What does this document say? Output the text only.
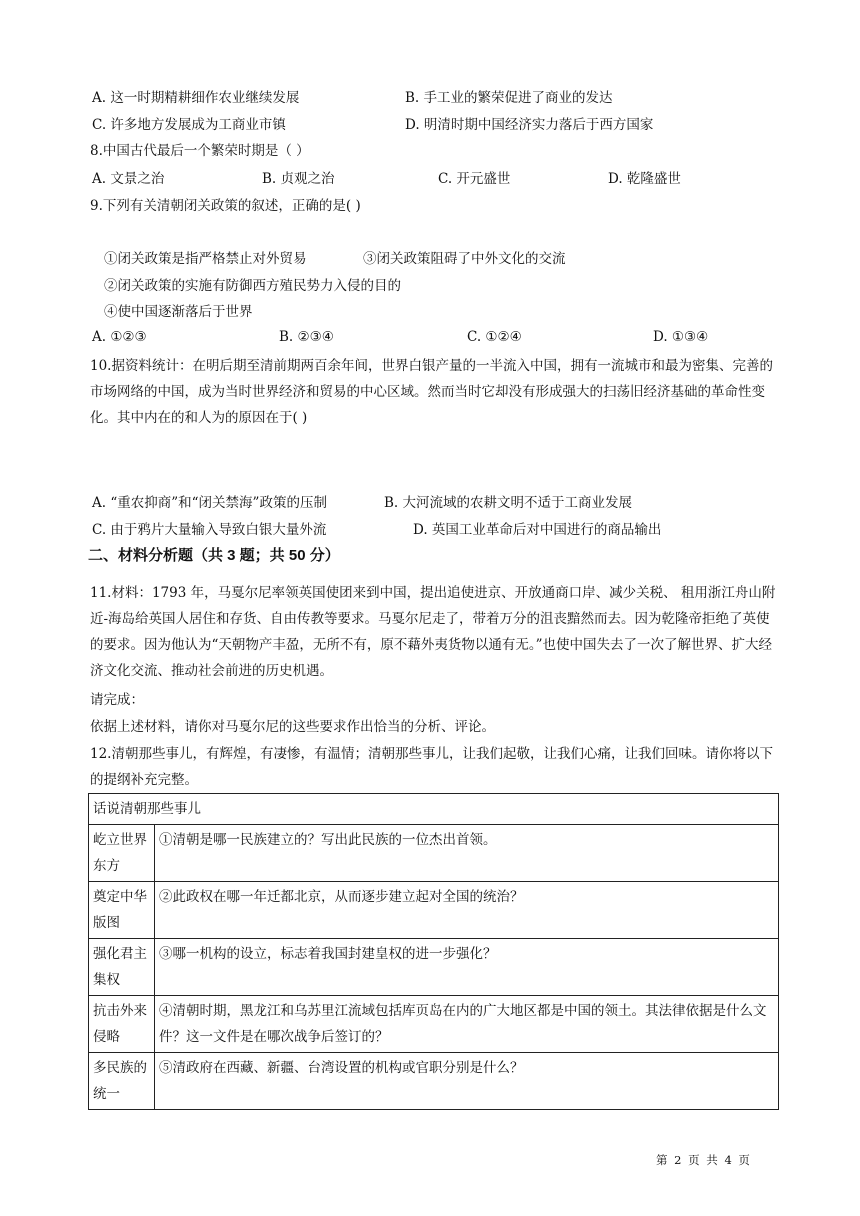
A. 这一时期精耕细作农业继续发展	B. 手工业的繁荣促进了商业的发达
C. 许多地方发展成为工商业市镇	D. 明清时期中国经济实力落后于西方国家
8.中国古代最后一个繁荣时期是（ ）
A. 文景之治	B. 贞观之治	C. 开元盛世	D. 乾隆盛世
9.下列有关清朝闭关政策的叙述，正确的是( )
①闭关政策是指严格禁止对外贸易	③闭关政策阻碍了中外文化的交流
②闭关政策的实施有防御西方殖民势力入侵的目的
④使中国逐渐落后于世界
A. ①②③	B. ②③④	C. ①②④	D. ①③④
10.据资料统计：在明后期至清前期两百余年间，世界白银产量的一半流入中国，拥有一流城市和最为密集、完善的市场网络的中国，成为当时世界经济和贸易的中心区域。然而当时它却没有形成强大的扫荡旧经济基础的革命性变化。其中内在的和人为的原因在于( )
A. “重农抑商”和“闭关禁海”政策的压制	B. 大河流域的农耕文明不适于工商业发展
C. 由于鸦片大量输入导致白银大量外流	D. 英国工业革命后对中国进行的商品输出
二、材料分析题（共 3 题；共 50 分）
11.材料：1793 年，马戛尔尼率领英国使团来到中国，提出追使进京、开放通商口岸、减少关税、 租用浙江舟山附近-海岛给英国人居住和存货、自由传教等要求。马戛尔尼走了，带着万分的沮丧黯然而去。因为乾隆帝拒绝了英使的要求。因为他认为“天朝物产丰盈，无所不有，原不藉外夷货物以通有无。”也使中国失去了一次了解世界、扩大经济文化交流、推动社会前进的历史机遇。
请完成：
依据上述材料，请你对马戛尔尼的这些要求作出恰当的分析、评论。
12.清朝那些事儿，有辉煌，有凄惨，有温情；清朝那些事儿，让我们起敬，让我们心痛，让我们回味。请你将以下的提纲补充完整。
话说清朝那些事儿	
屹立世界东方	①清朝是哪一民族建立的？写出此民族的一位杰出首领。
奠定中华版图	②此政权在哪一年迁都北京，从而逐步建立起对全国的统治？
强化君主集权	③哪一机构的设立，标志着我国封建皇权的进一步强化？
抗击外来侵略	④清朝时期，黑龙江和乌苏里江流域包括库页岛在内的广大地区都是中国的领土。其法律依据是什么文件？这一文件是在哪次战争后签订的？
多民族的统一	⑤清政府在西藏、新疆、台湾设置的机构或官职分别是什么？
第 2 页 共 4 页
